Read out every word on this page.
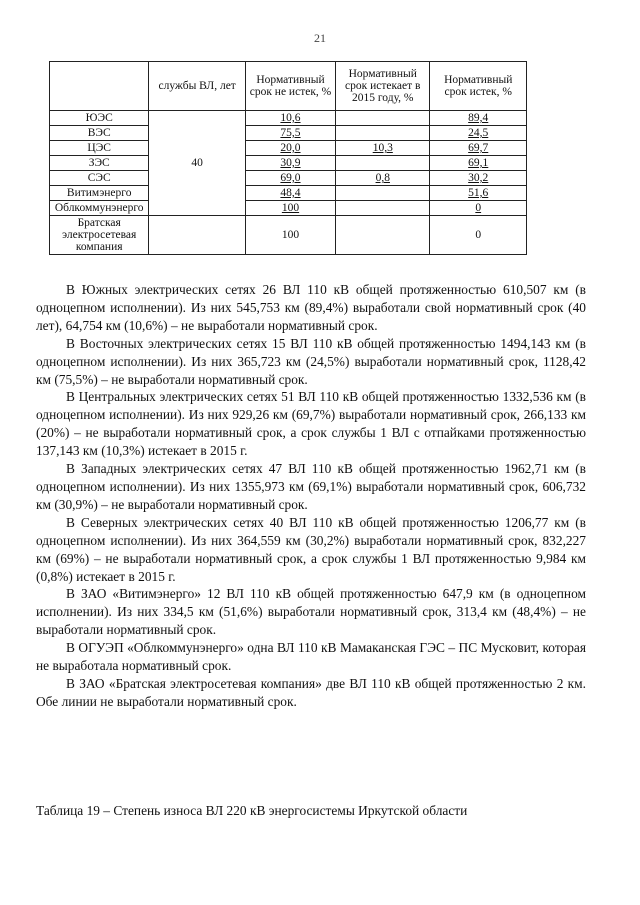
21
	службы ВЛ, лет	Нормативный срок не истек, %	Нормативный срок истекает в 2015 году, %	Нормативный срок истек, %
ЮЭС	40	10,6		89,4
ВЭС		75,5		24,5
ЦЭС		20,0	10,3	69,7
ЗЭС		30,9		69,1
СЭС		69,0	0,8	30,2
Витимэнерго		48,4		51,6
Облкоммунэнерго		100		0
Братская электросетевая компания		100		0

В Южных электрических сетях 26 ВЛ 110 кВ общей протяженностью 610,507 км (в одноцепном исполнении). Из них 545,753 км (89,4%) выработали свой нормативный срок (40 лет), 64,754 км (10,6%) – не выработали нормативный срок.

В Восточных электрических сетях 15 ВЛ 110 кВ общей протяженностью 1494,143 км (в одноцепном исполнении). Из них 365,723 км (24,5%) выработали нормативный срок, 1128,42 км (75,5%) – не выработали нормативный срок.

В Центральных электрических сетях 51 ВЛ 110 кВ общей протяженностью 1332,536 км (в одноцепном исполнении). Из них 929,26 км (69,7%) выработали нормативный срок, 266,133 км (20%) – не выработали нормативный срок, а срок службы 1 ВЛ с отпайками протяженностью 137,143 км (10,3%) истекает в 2015 г.

В Западных электрических сетях 47 ВЛ 110 кВ общей протяженностью 1962,71 км (в одноцепном исполнении). Из них 1355,973 км (69,1%) выработали нормативный срок, 606,732 км (30,9%) – не выработали нормативный срок.

В Северных электрических сетях 40 ВЛ 110 кВ общей протяженностью 1206,77 км (в одноцепном исполнении). Из них 364,559 км (30,2%) выработали нормативный срок, 832,227 км (69%) – не выработали нормативный срок, а срок службы 1 ВЛ протяженностью 9,984 км (0,8%) истекает в 2015 г.

В ЗАО «Витимэнерго» 12 ВЛ 110 кВ общей протяженностью 647,9 км (в одноцепном исполнении). Из них 334,5 км (51,6%) выработали нормативный срок, 313,4 км (48,4%) – не выработали нормативный срок.

В ОГУЭП «Облкоммунэнерго» одна ВЛ 110 кВ Мамаканская ГЭС – ПС Мусковит, которая не выработала нормативный срок.

В ЗАО «Братская электросетевая компания» две ВЛ 110 кВ общей протяженностью 2 км. Обе линии не выработали нормативный срок.

Таблица 19 – Степень износа ВЛ 220 кВ энергосистемы Иркутской области
